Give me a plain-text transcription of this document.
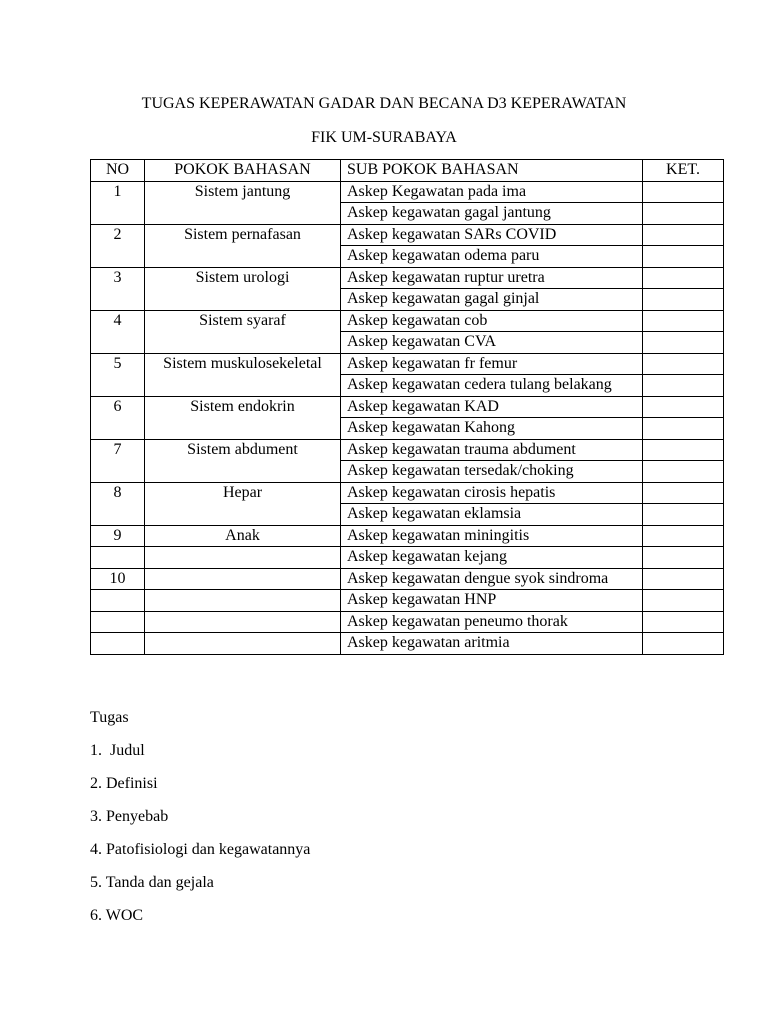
TUGAS KEPERAWATAN GADAR DAN BECANA D3 KEPERAWATAN
FIK UM-SURABAYA
NO	POKOK BAHASAN	SUB POKOK BAHASAN	KET.
1	Sistem jantung	Askep Kegawatan pada ima	
		Askep kegawatan gagal jantung	
2	Sistem pernafasan	Askep kegawatan SARs COVID	
		Askep kegawatan odema paru	
3	Sistem urologi	Askep kegawatan ruptur uretra	
		Askep kegawatan gagal ginjal	
4	Sistem syaraf	Askep kegawatan cob	
		Askep kegawatan CVA	
5	Sistem muskulosekeletal	Askep kegawatan fr femur	
		Askep kegawatan cedera tulang belakang	
6	Sistem endokrin	Askep kegawatan KAD	
		Askep kegawatan Kahong	
7	Sistem abdument	Askep kegawatan trauma abdument	
		Askep kegawatan tersedak/choking	
8	Hepar	Askep kegawatan cirosis hepatis	
		Askep kegawatan eklamsia	
9	Anak	Askep kegawatan miningitis	
		Askep kegawatan kejang	
10		Askep kegawatan dengue syok sindroma	
		Askep kegawatan HNP	
		Askep kegawatan peneumo thorak	
		Askep kegawatan aritmia	
Tugas
1.  Judul
2. Definisi
3. Penyebab
4. Patofisiologi dan kegawatannya
5. Tanda dan gejala
6. WOC
